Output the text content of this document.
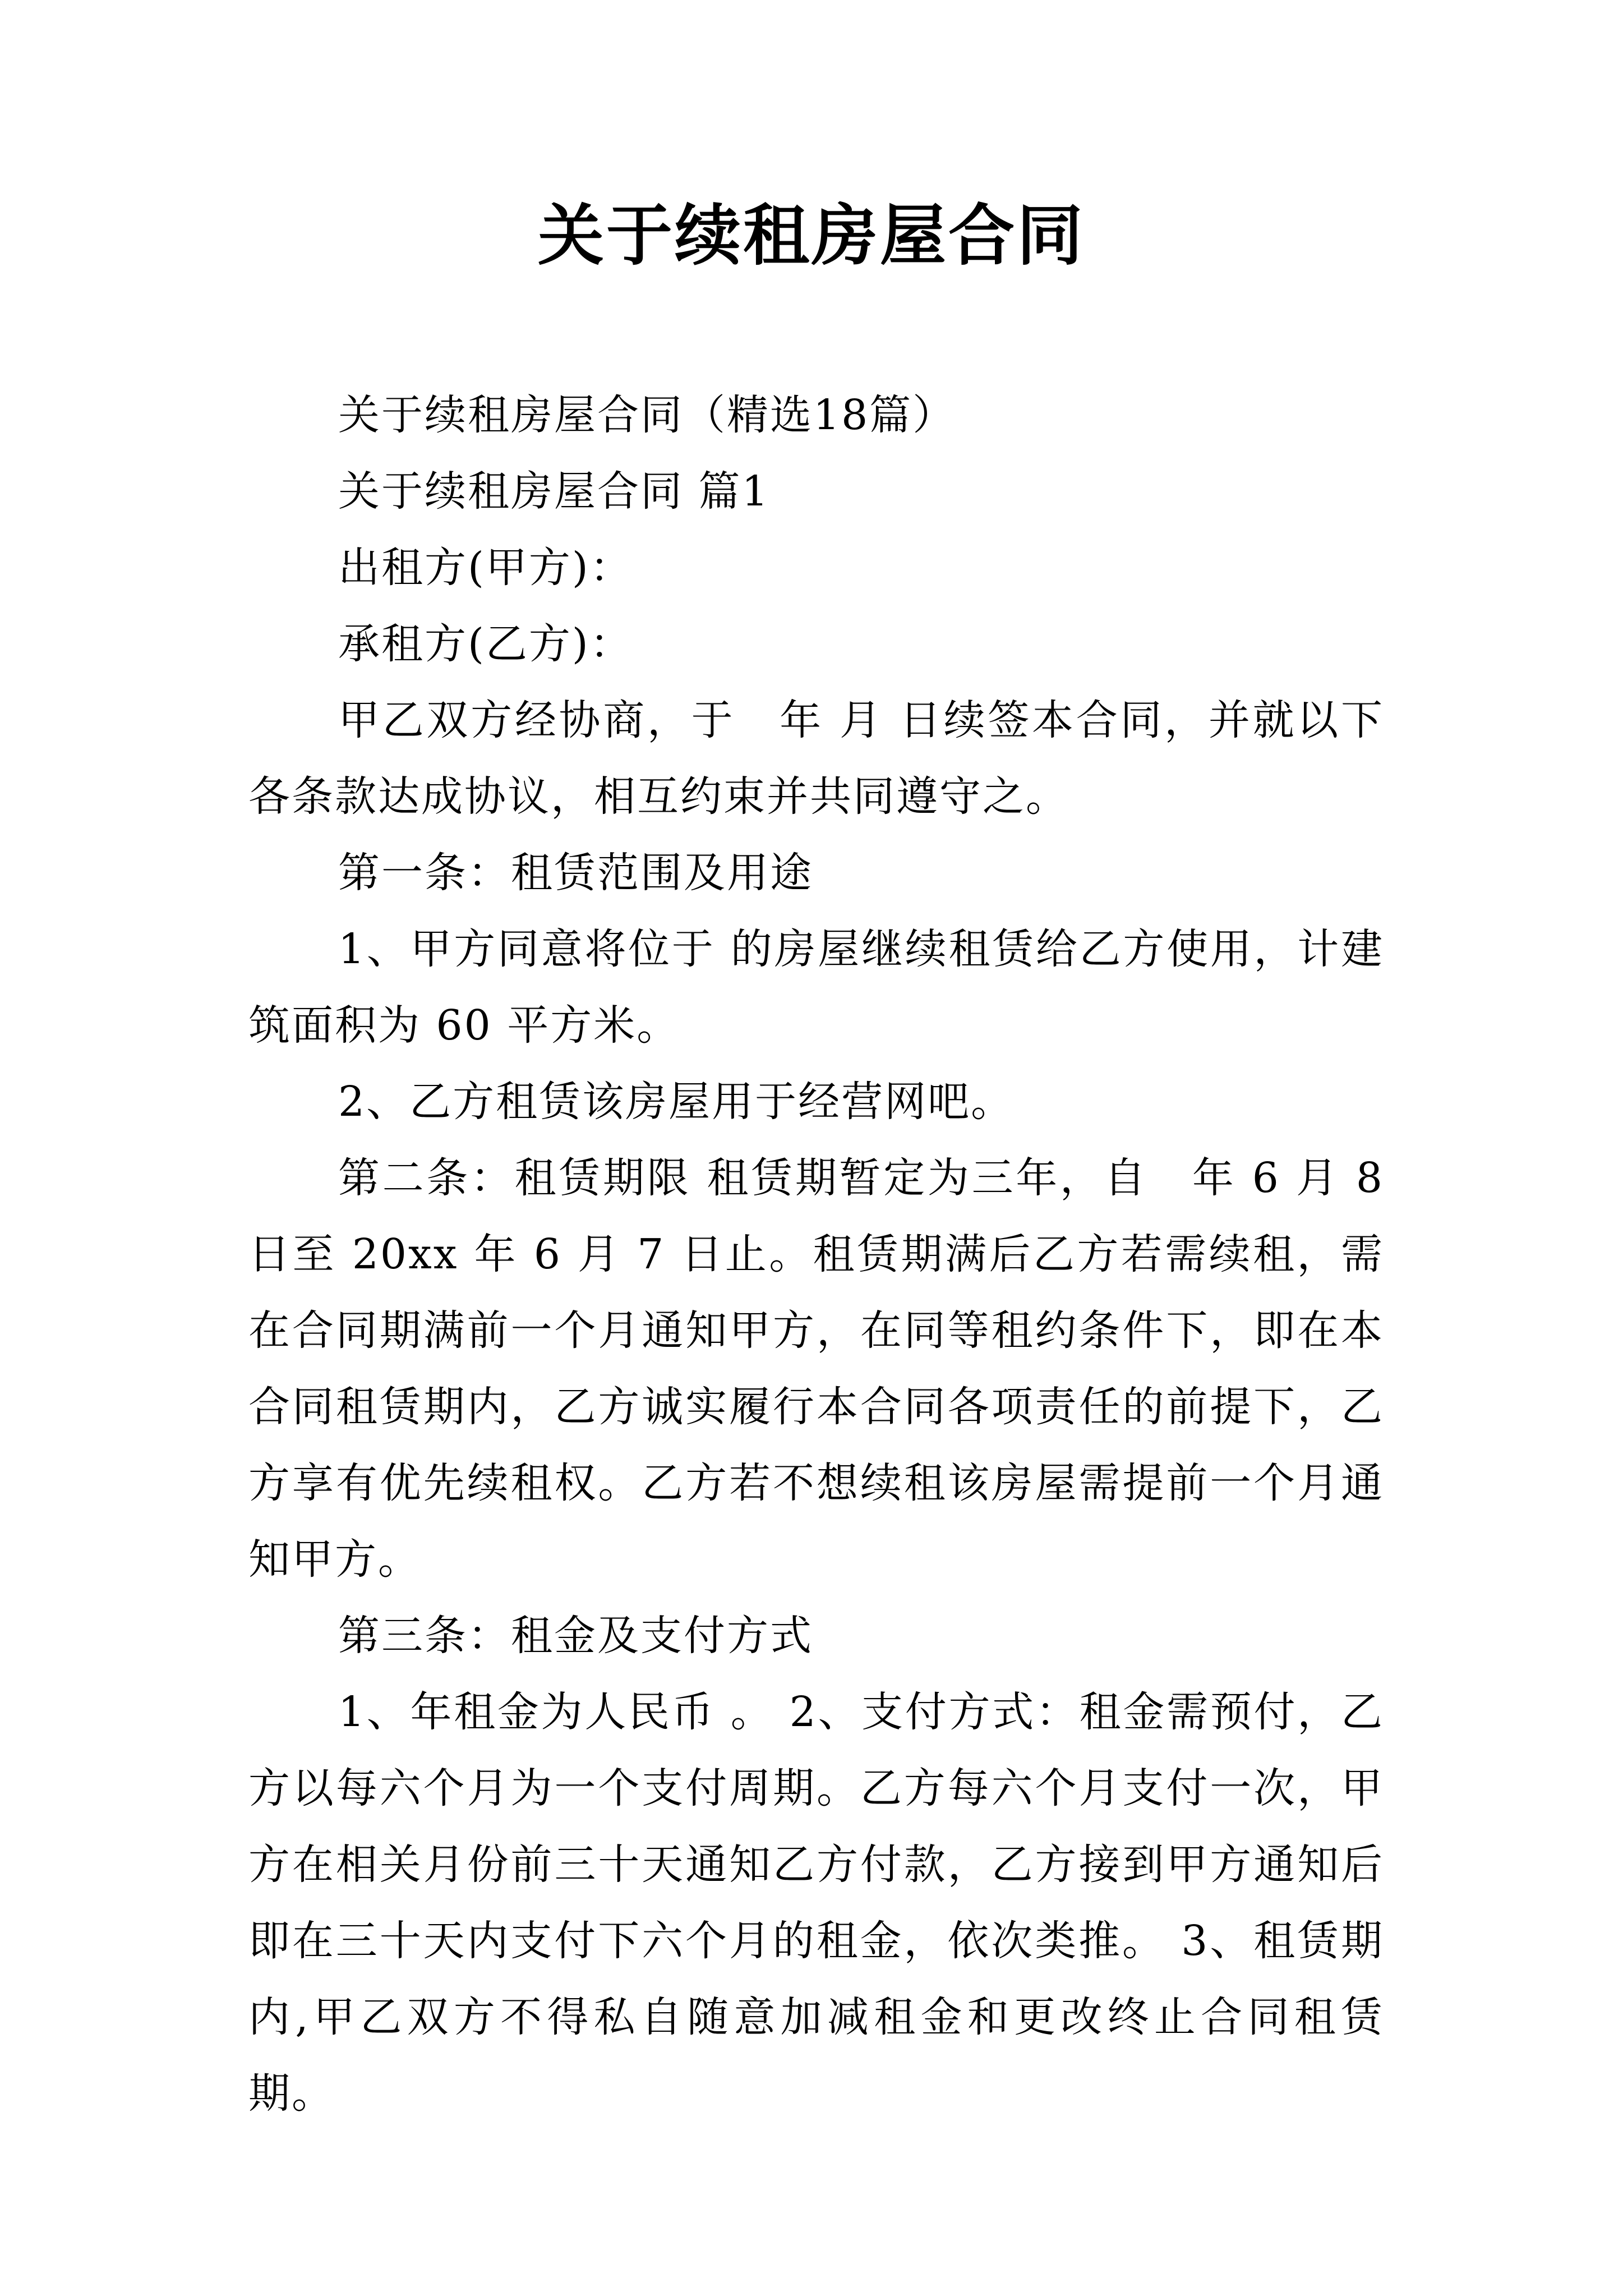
关于续租房屋合同

关于续租房屋合同（精选18篇）

关于续租房屋合同 篇1

出租方(甲方)：

承租方(乙方)：

甲乙双方经协商，于　年 月 日续签本合同，并就以下各条款达成协议，相互约束并共同遵守之。

第一条：租赁范围及用途

1、甲方同意将位于 的房屋继续租赁给乙方使用，计建筑面积为 60 平方米。

2、乙方租赁该房屋用于经营网吧。

第二条：租赁期限 租赁期暂定为三年，自　年 6 月 8 日至 20xx 年 6 月 7 日止。租赁期满后乙方若需续租，需在合同期满前一个月通知甲方，在同等租约条件下，即在本合同租赁期内，乙方诚实履行本合同各项责任的前提下，乙方享有优先续租权。乙方若不想续租该房屋需提前一个月通知甲方。

第三条：租金及支付方式

1、年租金为人民币 。 2、支付方式：租金需预付，乙方以每六个月为一个支付周期。乙方每六个月支付一次，甲方在相关月份前三十天通知乙方付款，乙方接到甲方通知后即在三十天内支付下六个月的租金，依次类推。 3、租赁期内,甲乙双方不得私自随意加减租金和更改终止合同租赁期。
